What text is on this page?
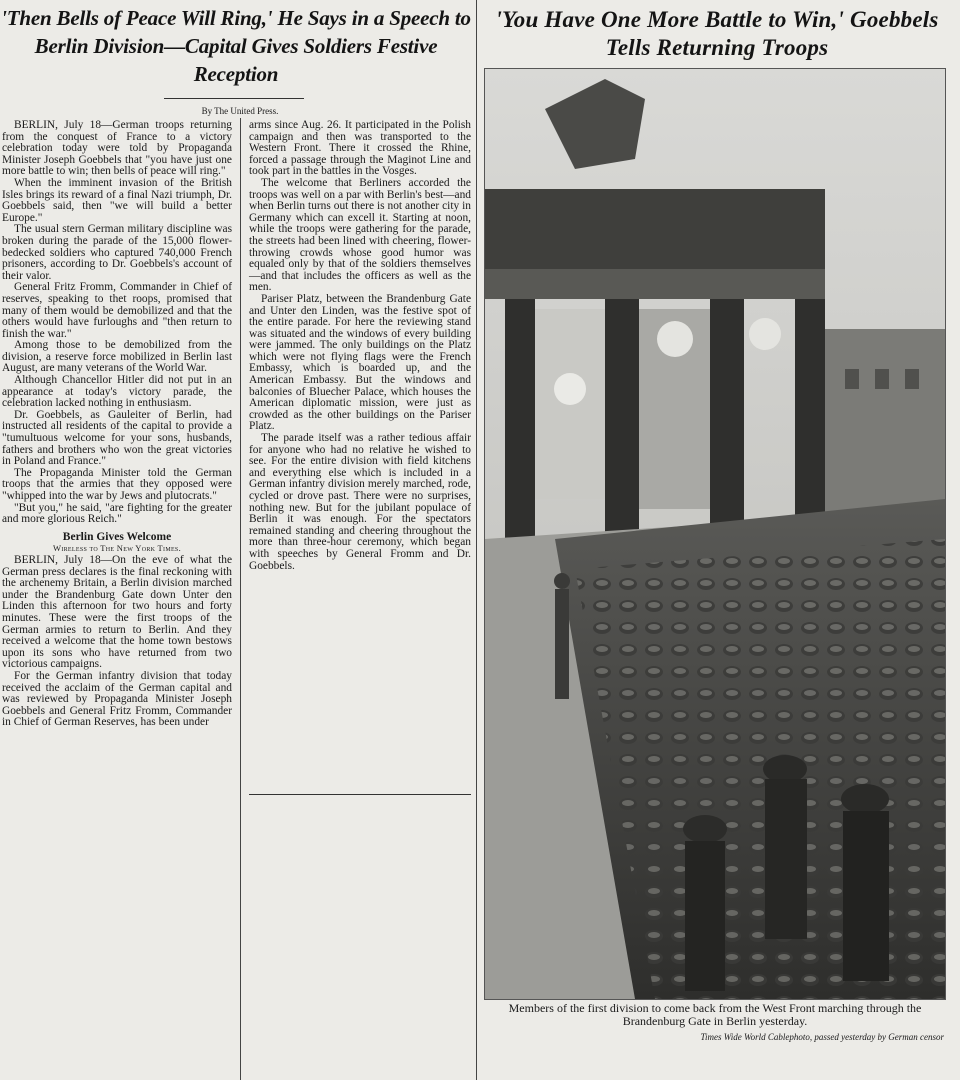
'Then Bells of Peace Will Ring,' He Says in a Speech to Berlin Division—Capital Gives Soldiers Festive Reception
'You Have One More Battle to Win,' Goebbels Tells Returning Troops

By The United Press.

BERLIN, July 18—German troops returning from the conquest of France to a victory celebration today were told by Propaganda Minister Joseph Goebbels that "you have just one more battle to win; then bells of peace will ring."

When the imminent invasion of the British Isles brings its reward of a final Nazi triumph, Dr. Goebbels said, then "we will build a better Europe."

The usual stern German military discipline was broken during the parade of the 15,000 flower-bedecked soldiers who captured 740,000 French prisoners, according to Dr. Goebbels's account of their valor.

General Fritz Fromm, Commander in Chief of reserves, speaking to thet roops, promised that many of them would be demobilized and that the others would have furloughs and "then return to finish the war."

Among those to be demobilized from the division, a reserve force mobilized in Berlin last August, are many veterans of the World War.

Although Chancellor Hitler did not put in an appearance at today's victory parade, the celebration lacked nothing in enthusiasm.

Dr. Goebbels, as Gauleiter of Berlin, had instructed all residents of the capital to provide a "tumultuous welcome for your sons, husbands, fathers and brothers who won the great victories in Poland and France."

The Propaganda Minister told the German troops that the armies that they opposed were "whipped into the war by Jews and plutocrats."

"But you," he said, "are fighting for the greater and more glorious Reich."

Berlin Gives Welcome

Wireless to The New York Times.

BERLIN, July 18—On the eve of what the German press declares is the final reckoning with the archenemy Britain, a Berlin division marched under the Brandenburg Gate down Unter den Linden this afternoon for two hours and forty minutes. These were the first troops of the German armies to return to Berlin. And they received a welcome that the home town bestows upon its sons who have returned from two victorious campaigns.

For the German infantry division that today received the acclaim of the German capital and was reviewed by Propaganda Minister Joseph Goebbels and General Fritz Fromm, Commander in Chief of German Reserves, has been under

arms since Aug. 26. It participated in the Polish campaign and then was transported to the Western Front. There it crossed the Rhine, forced a passage through the Maginot Line and took part in the battles in the Vosges.

The welcome that Berliners accorded the troops was well on a par with Berlin's best—and when Berlin turns out there is not another city in Germany which can excell it. Starting at noon, while the troops were gathering for the parade, the streets had been lined with cheering, flower-throwing crowds whose good humor was equaled only by that of the soldiers themselves—and that includes the officers as well as the men.

Pariser Platz, between the Brandenburg Gate and Unter den Linden, was the festive spot of the entire parade. For here the reviewing stand was situated and the windows of every building were jammed. The only buildings on the Platz which were not flying flags were the French Embassy, which is boarded up, and the American Embassy. But the windows and balconies of Bluecher Palace, which houses the American diplomatic mission, were just as crowded as the other buildings on the Pariser Platz.

The parade itself was a rather tedious affair for anyone who had no relative he wished to see. For the entire division with field kitchens and everything else which is included in a German infantry division merely marched, rode, cycled or drove past. There were no surprises, nothing new. But for the jubilant populace of Berlin it was enough. For the spectators remained standing and cheering throughout the more than three-hour ceremony, which began with speeches by General Fromm and Dr. Goebbels.

Members of the first division to come back from the West Front marching through the Brandenburg Gate in Berlin yesterday.

Times Wide World Cablephoto, passed yesterday by German censor
